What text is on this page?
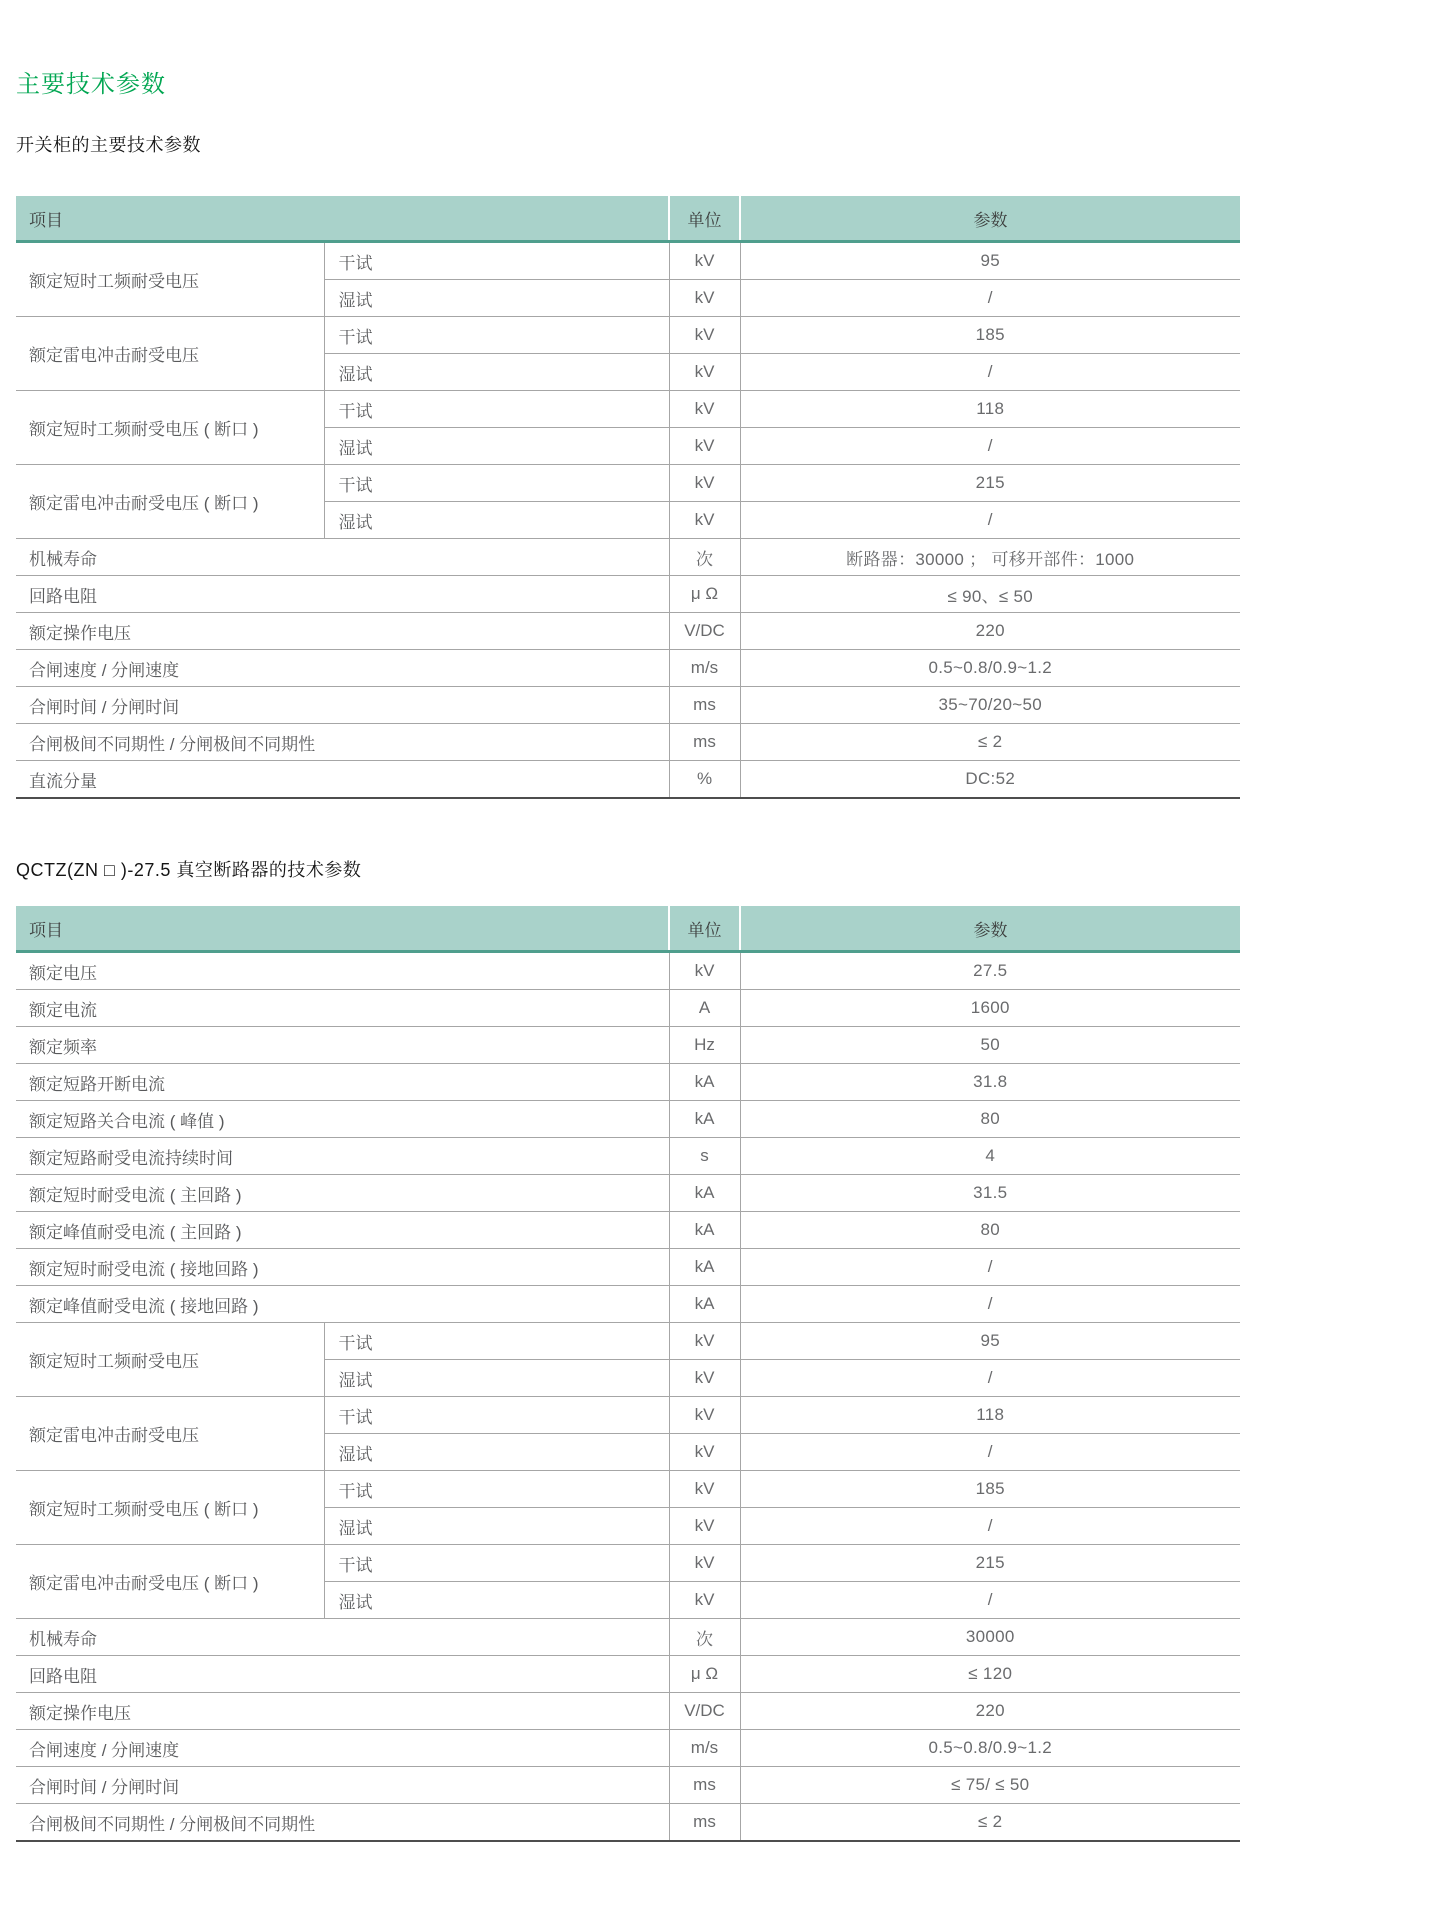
主要技术参数
开关柜的主要技术参数
项目		单位	参数
额定短时工频耐受电压	干试	kV	95
	湿试	kV	/
额定雷电冲击耐受电压	干试	kV	185
	湿试	kV	/
额定短时工频耐受电压 ( 断口 )	干试	kV	118
	湿试	kV	/
额定雷电冲击耐受电压 ( 断口 )	干试	kV	215
	湿试	kV	/
机械寿命		次	断路器：30000 ； 可移开部件：1000
回路电阻		μ Ω	≤ 90、≤ 50
额定操作电压		V/DC	220
合闸速度 / 分闸速度		m/s	0.5~0.8/0.9~1.2
合闸时间 / 分闸时间		ms	35~70/20~50
合闸极间不同期性 / 分闸极间不同期性		ms	≤ 2
直流分量		%	DC:52
QCTZ(ZN □ )-27.5 真空断路器的技术参数
项目		单位	参数
额定电压		kV	27.5
额定电流		A	1600
额定频率		Hz	50
额定短路开断电流		kA	31.8
额定短路关合电流 ( 峰值 )		kA	80
额定短路耐受电流持续时间		s	4
额定短时耐受电流 ( 主回路 )		kA	31.5
额定峰值耐受电流 ( 主回路 )		kA	80
额定短时耐受电流 ( 接地回路 )		kA	/
额定峰值耐受电流 ( 接地回路 )		kA	/
额定短时工频耐受电压	干试	kV	95
	湿试	kV	/
额定雷电冲击耐受电压	干试	kV	118
	湿试	kV	/
额定短时工频耐受电压 ( 断口 )	干试	kV	185
	湿试	kV	/
额定雷电冲击耐受电压 ( 断口 )	干试	kV	215
	湿试	kV	/
机械寿命		次	30000
回路电阻		μ Ω	≤ 120
额定操作电压		V/DC	220
合闸速度 / 分闸速度		m/s	0.5~0.8/0.9~1.2
合闸时间 / 分闸时间		ms	≤ 75/ ≤ 50
合闸极间不同期性 / 分闸极间不同期性		ms	≤ 2
